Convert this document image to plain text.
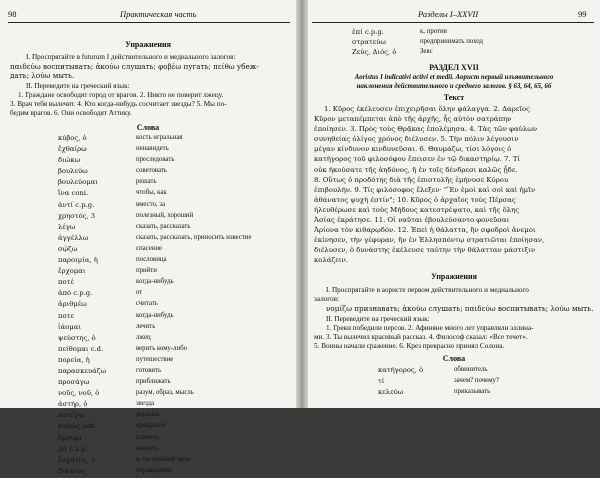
98	Практическая часть
Упражнения
I. Проспрягайте в futurum I действительного и медиального залогов:
παιδεύω воспитывать; ἀκούω слушать; φοβέω пугать; πείθω убеж-
дать; λούω мыть.
II. Переведите на греческий язык:
1. Граждане освободят город от врагов. 2. Никто не поверит лжецу.
3. Врач тебя вылечит. 4. Кто когда-нибудь сосчитает звезды? 5. Мы по-
бедим врагов. 6. Они освободят Аттику.
Слова
κύβος, ὁ	кость игральная
ἔχθαίρω	ненавидеть
διώκω	преследовать
βουλεύω	советовать
βουλεύομαι	решать
ἵνα coni.	чтобы, как
ἀντί c.p.g.	вместо, за
χρηστός, 3	полезный, хороший
λέγω	сказать, рассказать
ἀγγέλλω	сказать, рассказать, приносить известие
σῴζω	спасение
παροιμία, ἡ	пословица
ἔρχομαι	прийти
ποτέ	когда-нибудь
ἀπό c.p.g.	от
ἀριθμέω	считать
ποτε	когда-нибудь
ἰάομαι	лечить
ψεύστης, ὁ	лжец
πείθομαι c.d.	верить кому-либо
πορεία, ἡ	путешествие
παρασκευάζω	готовить
προσάγω	приближать
νοῦς, νοῦ, ὁ	разум, образ, мысль
ἀστήρ, ὁ	звезда
κατέχω	держать
καλῶς adv.	прекрасно
ὄμνυμι	клянусь
μὰ c.a.p.	клянусь
ἔσχατος, 3	и, по крайней мере
δικαίως	справедливо
Разделы I–XXVII	99
ἐπί c.p.g.	к, против
στρατεύω	предпринимать поход
Ζεύς, Διός, ὁ	Зевс
РАЗДЕЛ XVII
Aoristus I indicativi activi et medii. Аорист первый изъявительного
наклонения действительного и среднего залогов. § 63, 64, 65, 66
Текст
1. Κῦρος ἐκέλευσεν ἐπιχειρῆσαι ὅλην φάλαγγα. 2. Δαρεῖος
Κῦρον μεταπέμπεται ἀπὸ τῆς ἀρχῆς, ἧς αὐτὸν σατράπην
ἐποίησεν. 3. Πρὸς τοὺς Θρᾷκας ἐπολέμησα. 4. Τὰς τῶν φαύλων
συνηθείας ὀλίγος χρόνος διέλυσεν. 5. Τὴν πόλιν λέγουσιν
μέγαν κίνδυνον κινδυνεῦσαι. 6. Θαυμάζω, τίσι λόγοις ὁ
κατήγορος τοῦ φιλοσόφου ἔπεισεν ἐν τῷ δικαστηρίῳ. 7. Τί
οὐκ ἠκούσατε τῆς ἀηδόνος, ἣ ἐν τοῖς δένδρεσι καλῶς ᾖδε.
8. Οὕτως ὁ προδότης διὰ τῆς ἐπιστολῆς ἐμήνυσε Κύρου
ἐπιβουλήν. 9. Τίς φιλόσοφος ἔλεξεν· "Ἓν ἐμοὶ καὶ σοὶ καὶ ἡμῖν
ἀθάνατος ψυχὴ ἐστίν"; 10. Κῦρος ὁ ἀρχαῖος τοὺς Πέρσας
ἠλευθέρωσε καὶ τοὺς Μήδους κατεστρέψατο, καὶ τῆς ὅλης
Ἀσίας ἐκράτησε. 11. Οἱ ναῦται ἐβουλεύσαντο φονεῦσαι
Ἀρίονα τὸν κιθαρῳδόν. 12. Ἐπεὶ ἡ θάλαττα, ἣν σφοδροὶ ἄνεμοι
ἐκίνησεν, τὴν γέφυραν, ἣν ἐν Ἑλλησπόντῳ στρατιῶται ἐποίησαν,
διέλυσεν, ὁ δυνάστης ἐκέλευσε ταύτην τὴν θάλατταν μάστιξιν
κολάζειν.
Упражнения
I. Проспрягайте в аористе первом действительного и медиального
залогов:
νομίζω признавать; ἀκούω слушать; παιδεύω воспитывать; λούω мыть.
II. Переведите на греческий язык:
1. Греки победили персов. 2. Афинянe много лет управляли эллина-
ми. 3. Ты вылечил красивый рассказ. 4. Философ сказал: «Все течет».
5. Воины начали сражение. 6. Крез прекрасно принял Солона.
Слова
κατήγορος, ὁ	обвинитель
τί	зачем? почему?
κελεύω	приказывать
